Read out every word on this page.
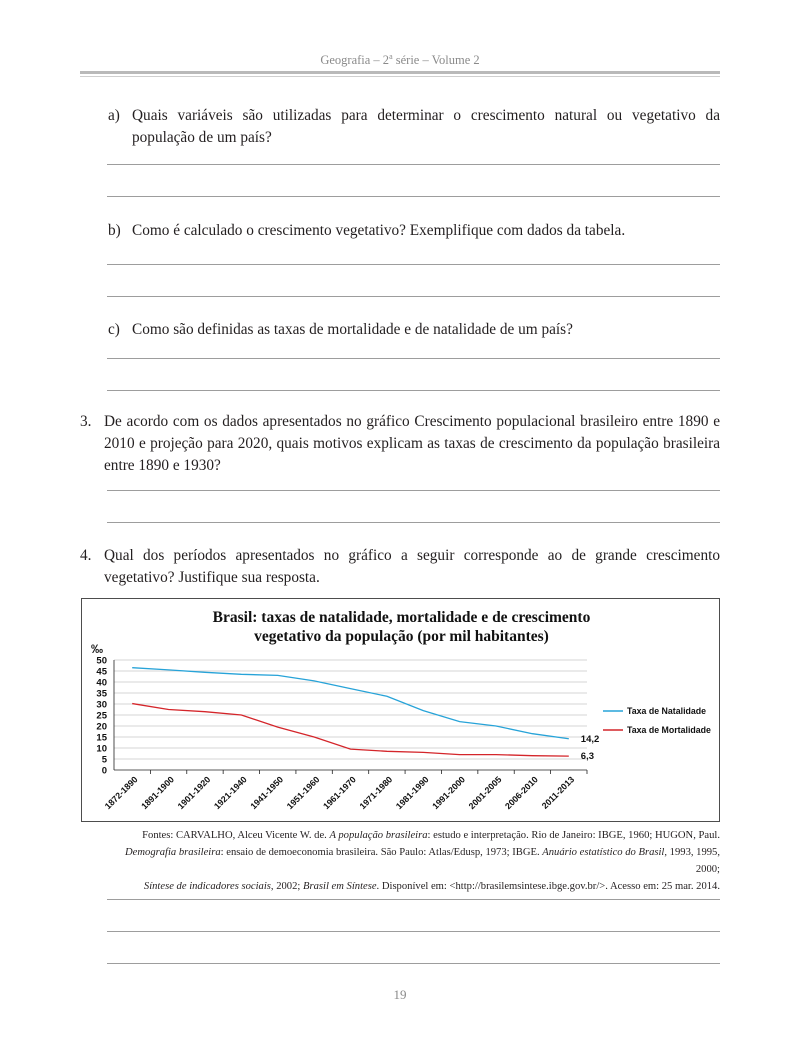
Geografia – 2$^a$ série – Volume 2
a) Quais variáveis são utilizadas para determinar o crescimento natural ou vegetativo da população de um país?
b) Como é calculado o crescimento vegetativo? Exemplifique com dados da tabela.
c) Como são definidas as taxas de mortalidade e de natalidade de um país?
3. De acordo com os dados apresentados no gráfico Crescimento populacional brasileiro entre 1890 e 2010 e projeção para 2020, quais motivos explicam as taxas de crescimento da população brasileira entre 1890 e 1930?
4. Qual dos períodos apresentados no gráfico a seguir corresponde ao de grande crescimento vegetativo? Justifique sua resposta.
Brasil: taxas de natalidade, mortalidade e de crescimento
vegetativo da população (por mil habitantes)
‰
0
5
10
15
20
25
30
35
40
45
50
1872-1890 1891-1900 1901-1920 1921-1940 1941-1950 1951-1960 1961-1970 1971-1980 1981-1990 1991-2000 2001-2005 2006-2010 2011-2013
14,2
6,3
Taxa de Natalidade
Taxa de Mortalidade
Fontes: CARVALHO, Alceu Vicente W. de. A população brasileira: estudo e interpretação. Rio de Janeiro: IBGE, 1960; HUGON, Paul.
Demografia brasileira: ensaio de demoeconomia brasileira. São Paulo: Atlas/Edusp, 1973; IBGE. Anuário estatístico do Brasil, 1993, 1995, 2000;
Síntese de indicadores sociais, 2002; Brasil em Síntese. Disponível em: <http://brasilemsintese.ibge.gov.br/>. Acesso em: 25 mar. 2014.
19
